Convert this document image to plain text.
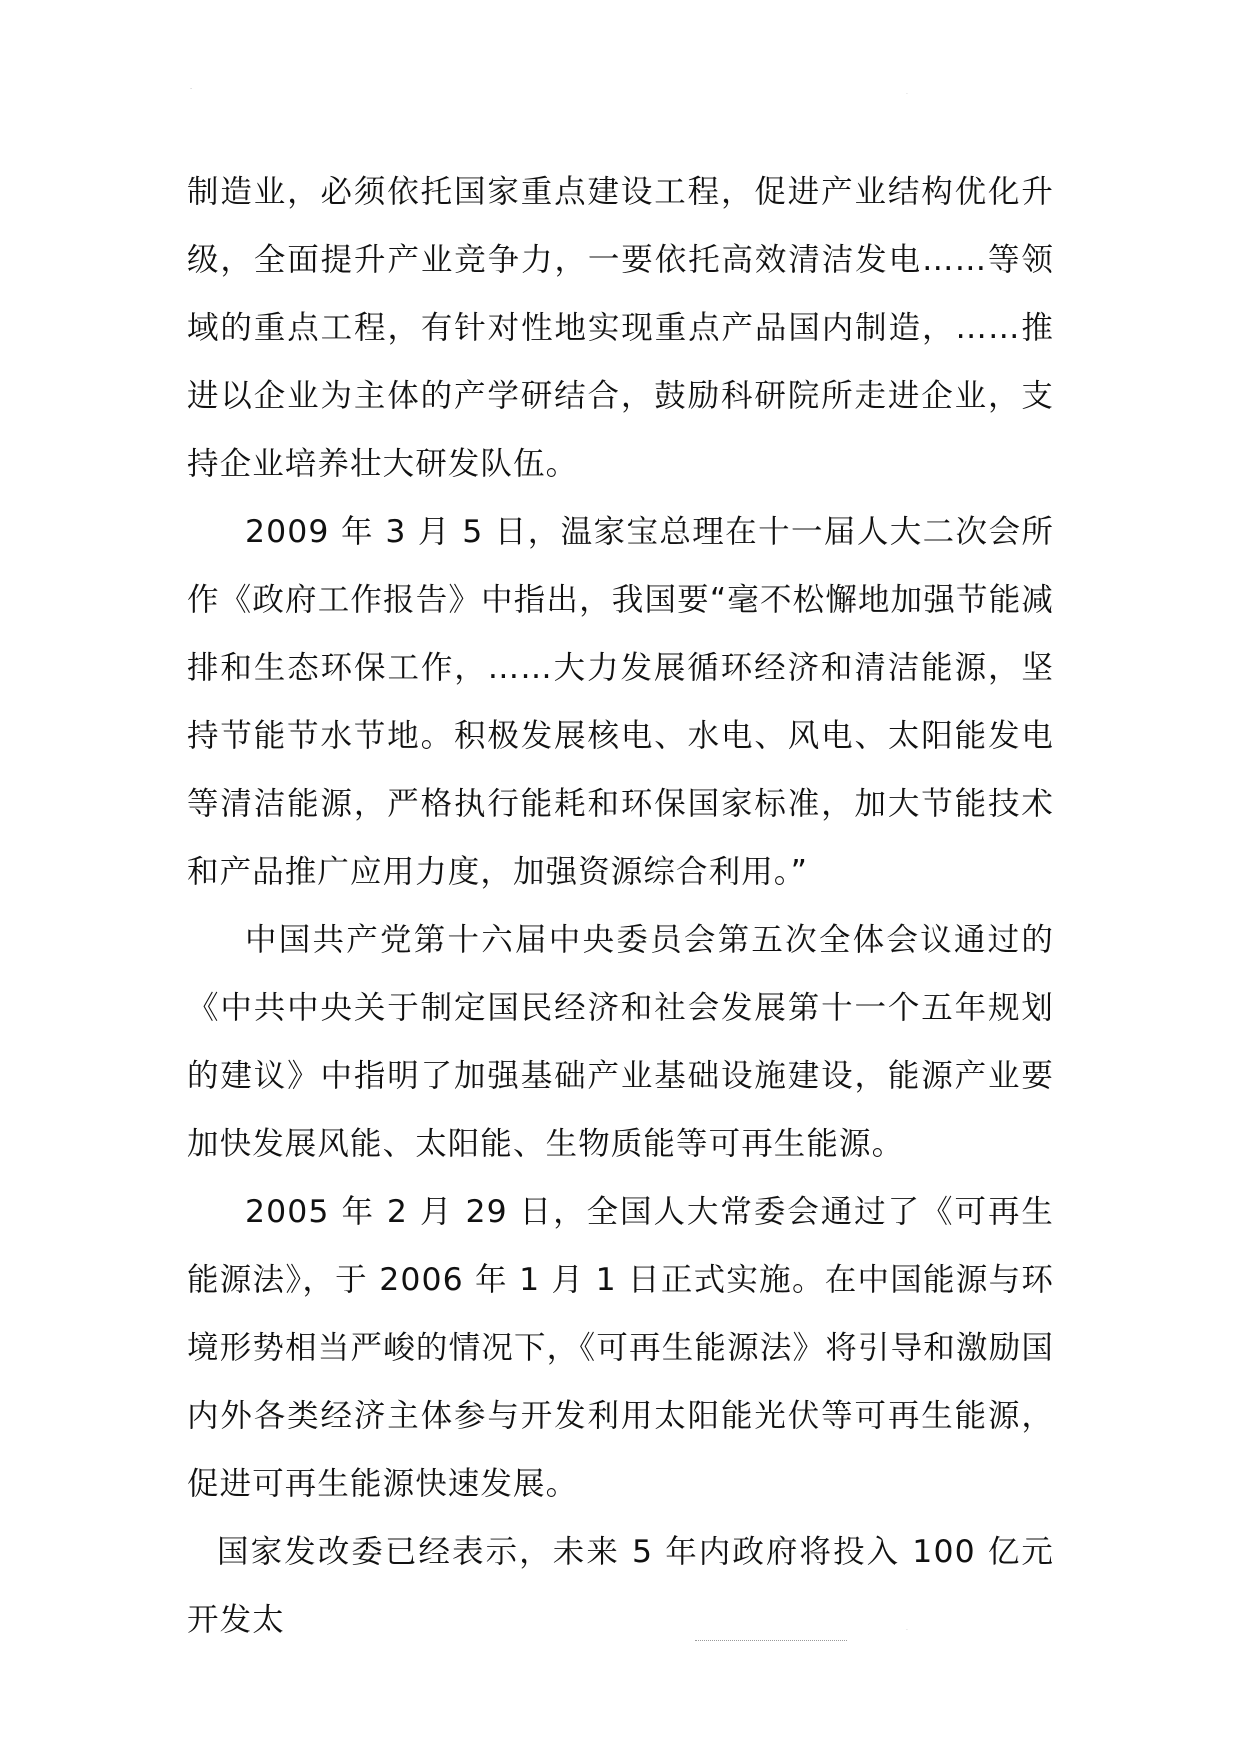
-
·
·

制造业，必须依托国家重点建设工程，促进产业结构优化升级，全面提升产业竞争力，一要依托高效清洁发电……等领域的重点工程，有针对性地实现重点产品国内制造，……推进以企业为主体的产学研结合，鼓励科研院所走进企业，支持企业培养壮大研发队伍。

2009 年 3 月 5 日，温家宝总理在十一届人大二次会所作《政府工作报告》中指出，我国要“毫不松懈地加强节能减排和生态环保工作，……大力发展循环经济和清洁能源，坚持节能节水节地。积极发展核电、水电、风电、太阳能发电等清洁能源，严格执行能耗和环保国家标准，加大节能技术和产品推广应用力度，加强资源综合利用。”

中国共产党第十六届中央委员会第五次全体会议通过的《中共中央关于制定国民经济和社会发展第十一个五年规划的建议》中指明了加强基础产业基础设施建设，能源产业要加快发展风能、太阳能、生物质能等可再生能源。

2005 年 2 月 29 日，全国人大常委会通过了《可再生能源法》，于 2006 年 1 月 1 日正式实施。在中国能源与环境形势相当严峻的情况下，《可再生能源法》将引导和激励国内外各类经济主体参与开发利用太阳能光伏等可再生能源，促进可再生能源快速发展。

国家发改委已经表示，未来 5 年内政府将投入 100 亿元开发太
